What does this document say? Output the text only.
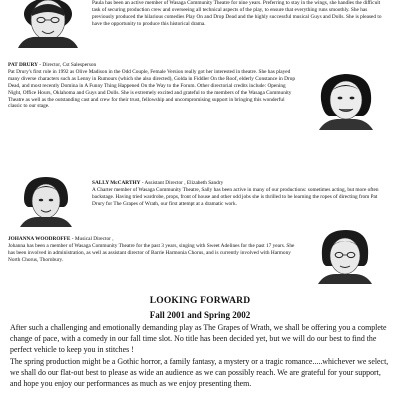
Paula has been an active member of Wasaga Community Theatre for nine years. Preferring to stay in the wings, she handles the difficult task of securing production crew and overseeing all technical aspects of the play, to ensure that everything runs smoothly. She has previously produced the hilarious comedies Play On and Drop Dead and the highly successful musical Guys and Dolls. She is pleased to have the opportunity to produce this historical drama.

PAT DRURY - Director, Cst Salesperson

Pat Drury's first role in 1992 as Olive Madison in the Odd Couple, Female Version really got her interested in theatre. She has played many diverse characters such as Lenny in Rumours (which she also directed), Golda in Fiddler On the Roof, elderly Constance in Drop Dead, and most recently Domina in A Funny Thing Happened On the Way to the Forum. Other directorial credits include: Opening Night, Office Hours, Oklahoma and Guys and Dolls. She is extremely excited and grateful to the members of the Wasaga Community Theatre as well as the outstanding cast and crew for their trust, fellowship and uncompromising support in bringing this wonderful classic to our stage.

SALLY McCARTHY - Assistant Director , Elizabeth Sandry

A Charter member of Wasaga Community Theatre, Sally has been active in many of our productions: sometimes acting, but more often backstage. Having tried wardrobe, props, front of house and other odd jobs she is thrilled to be learning the ropes of directing from Pat Drury for The Grapes of Wrath, our first attempt at a dramatic work.

JOHANNA WOODROFFE - Musical Director ,

Johanna has been a member of Wasaga Community Theatre for the past 3 years, singing with Sweet Adelines for the past 17 years. She has been involved in administration, as well as assistant director of Barrie Harmonia Chorus, and is currently involved with Harmony North Chorus, Thornbury.

LOOKING FORWARD
Fall 2001 and Spring 2002

After such a challenging and emotionally demanding play as The Grapes of Wrath, we shall be offering you a complete change of pace, with a comedy in our fall time slot. No title has been decided yet, but we will do our best to find the perfect vehicle to keep you in stitches !

The spring production might be a Gothic horror, a family fantasy, a mystery or a tragic romance.....whichever we select, we shall do our flat-out best to please as wide an audience as we can possibly reach. We are grateful for your support, and hope you enjoy our performances as much as we enjoy presenting them.
